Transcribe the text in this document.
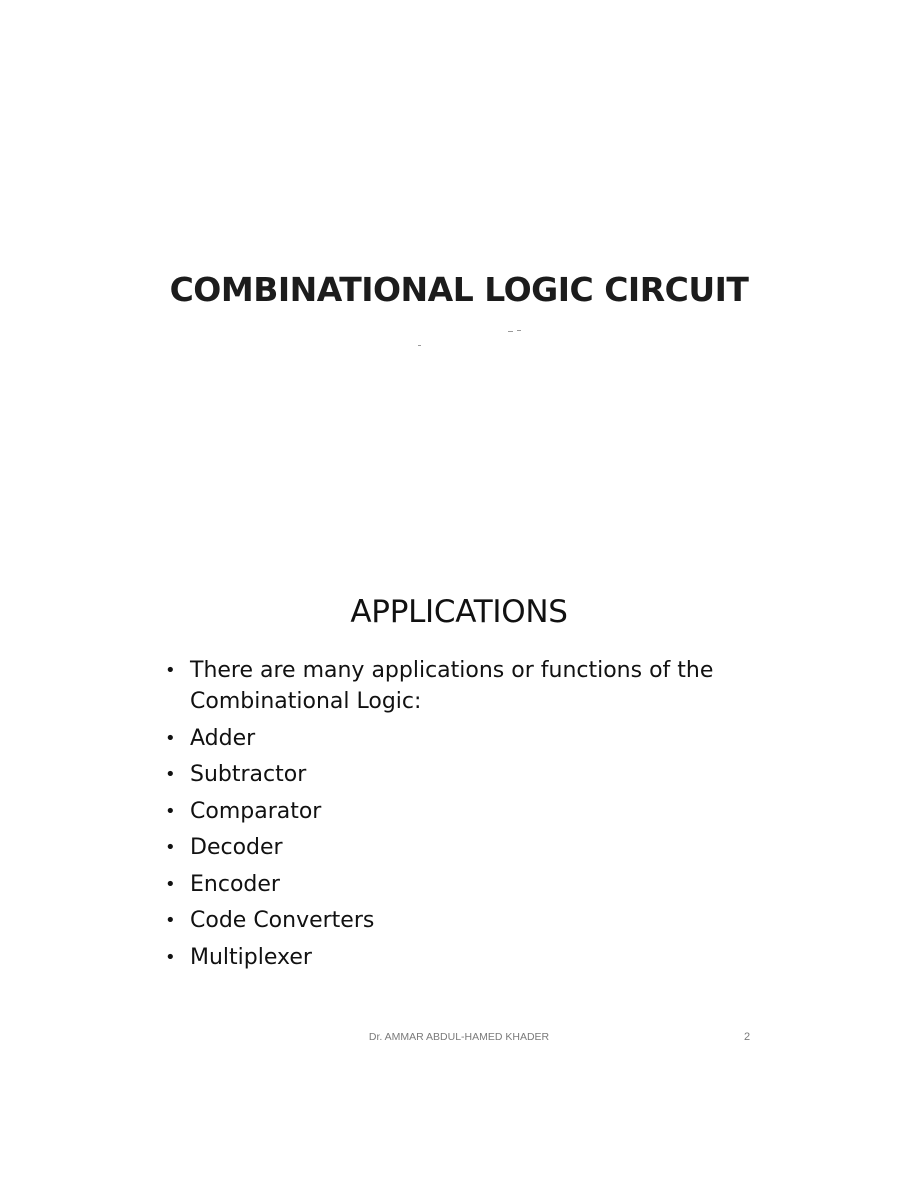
COMBINATIONAL LOGIC CIRCUIT
APPLICATIONS
• There are many applications or functions of the Combinational Logic:
• Adder
• Subtractor
• Comparator
• Decoder
• Encoder
• Code Converters
• Multiplexer
Dr. AMMAR ABDUL-HAMED KHADER	2
